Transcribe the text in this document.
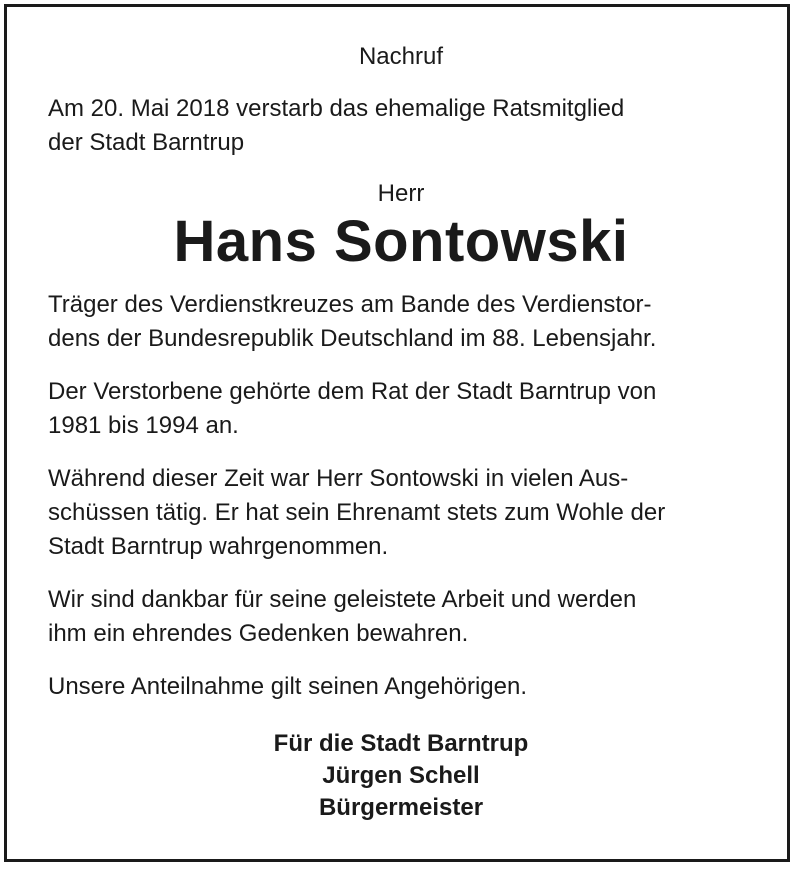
Nachruf
Am 20. Mai 2018 verstarb das ehemalige Ratsmitglied
der Stadt Barntrup
Herr
Hans Sontowski
Träger des Verdienstkreuzes am Bande des Verdienstor-
dens der Bundesrepublik Deutschland im 88. Lebensjahr.
Der Verstorbene gehörte dem Rat der Stadt Barntrup von
1981 bis 1994 an.
Während dieser Zeit war Herr Sontowski in vielen Aus-
schüssen tätig. Er hat sein Ehrenamt stets zum Wohle der
Stadt Barntrup wahrgenommen.
Wir sind dankbar für seine geleistete Arbeit und werden
ihm ein ehrendes Gedenken bewahren.
Unsere Anteilnahme gilt seinen Angehörigen.
Für die Stadt Barntrup
Jürgen Schell
Bürgermeister
